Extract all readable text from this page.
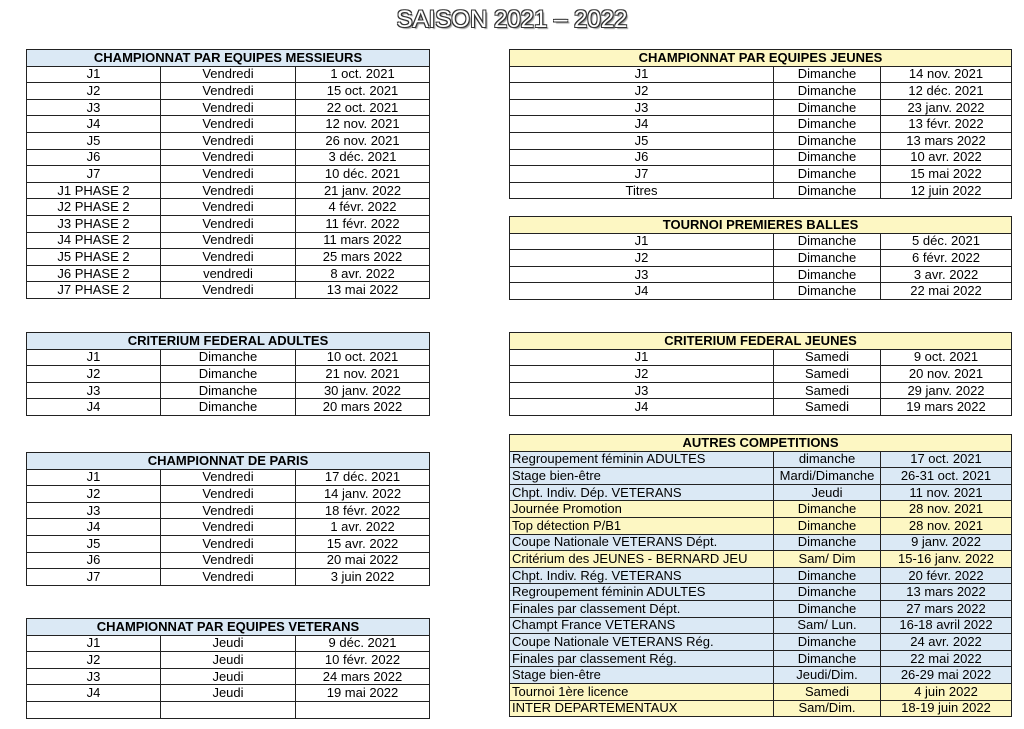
SAISON 2021 – 2022
CHAMPIONNAT PAR EQUIPES MESSIEURS		
J1	Vendredi	1 oct. 2021
J2	Vendredi	15 oct. 2021
J3	Vendredi	22 oct. 2021
J4	Vendredi	12 nov. 2021
J5	Vendredi	26 nov. 2021
J6	Vendredi	3 déc. 2021
J7	Vendredi	10 déc. 2021
J1 PHASE 2	Vendredi	21 janv. 2022
J2 PHASE 2	Vendredi	4 févr. 2022
J3 PHASE 2	Vendredi	11 févr. 2022
J4 PHASE 2	Vendredi	11 mars 2022
J5 PHASE 2	Vendredi	25 mars 2022
J6 PHASE 2	vendredi	8 avr. 2022
J7 PHASE 2	Vendredi	13 mai 2022
CHAMPIONNAT PAR EQUIPES JEUNES		
J1	Dimanche	14 nov. 2021
J2	Dimanche	12 déc. 2021
J3	Dimanche	23 janv. 2022
J4	Dimanche	13 févr. 2022
J5	Dimanche	13 mars 2022
J6	Dimanche	10 avr. 2022
J7	Dimanche	15 mai 2022
Titres	Dimanche	12 juin 2022
TOURNOI PREMIERES BALLES		
J1	Dimanche	5 déc. 2021
J2	Dimanche	6 févr. 2022
J3	Dimanche	3 avr. 2022
J4	Dimanche	22 mai 2022
CRITERIUM FEDERAL ADULTES		
J1	Dimanche	10 oct. 2021
J2	Dimanche	21 nov. 2021
J3	Dimanche	30 janv. 2022
J4	Dimanche	20 mars 2022
CRITERIUM FEDERAL JEUNES		
J1	Samedi	9 oct. 2021
J2	Samedi	20 nov. 2021
J3	Samedi	29 janv. 2022
J4	Samedi	19 mars 2022
CHAMPIONNAT DE PARIS		
J1	Vendredi	17 déc. 2021
J2	Vendredi	14 janv. 2022
J3	Vendredi	18 févr. 2022
J4	Vendredi	1 avr. 2022
J5	Vendredi	15 avr. 2022
J6	Vendredi	20 mai 2022
J7	Vendredi	3 juin 2022
CHAMPIONNAT PAR EQUIPES VETERANS		
J1	Jeudi	9 déc. 2021
J2	Jeudi	10 févr. 2022
J3	Jeudi	24 mars 2022
J4	Jeudi	19 mai 2022

AUTRES COMPETITIONS		
Regroupement féminin ADULTES	dimanche	17 oct. 2021
Stage bien-être	Mardi/Dimanche	26-31 oct. 2021
Chpt. Indiv. Dép. VETERANS	Jeudi	11 nov. 2021
Journée Promotion	Dimanche	28 nov. 2021
Top détection P/B1	Dimanche	28 nov. 2021
Coupe Nationale VETERANS Dépt.	Dimanche	9 janv. 2022
Critérium des JEUNES - BERNARD JEU	Sam/ Dim	15-16 janv. 2022
Chpt. Indiv. Rég. VETERANS	Dimanche	20 févr. 2022
Regroupement féminin ADULTES	Dimanche	13 mars 2022
Finales par classement Dépt.	Dimanche	27 mars 2022
Champt France VETERANS	Sam/ Lun.	16-18 avril 2022
Coupe Nationale VETERANS Rég.	Dimanche	24 avr. 2022
Finales par classement Rég.	Dimanche	22 mai 2022
Stage bien-être	Jeudi/Dim.	26-29 mai 2022
Tournoi 1ère licence	Samedi	4 juin 2022
INTER DEPARTEMENTAUX	Sam/Dim.	18-19 juin 2022
